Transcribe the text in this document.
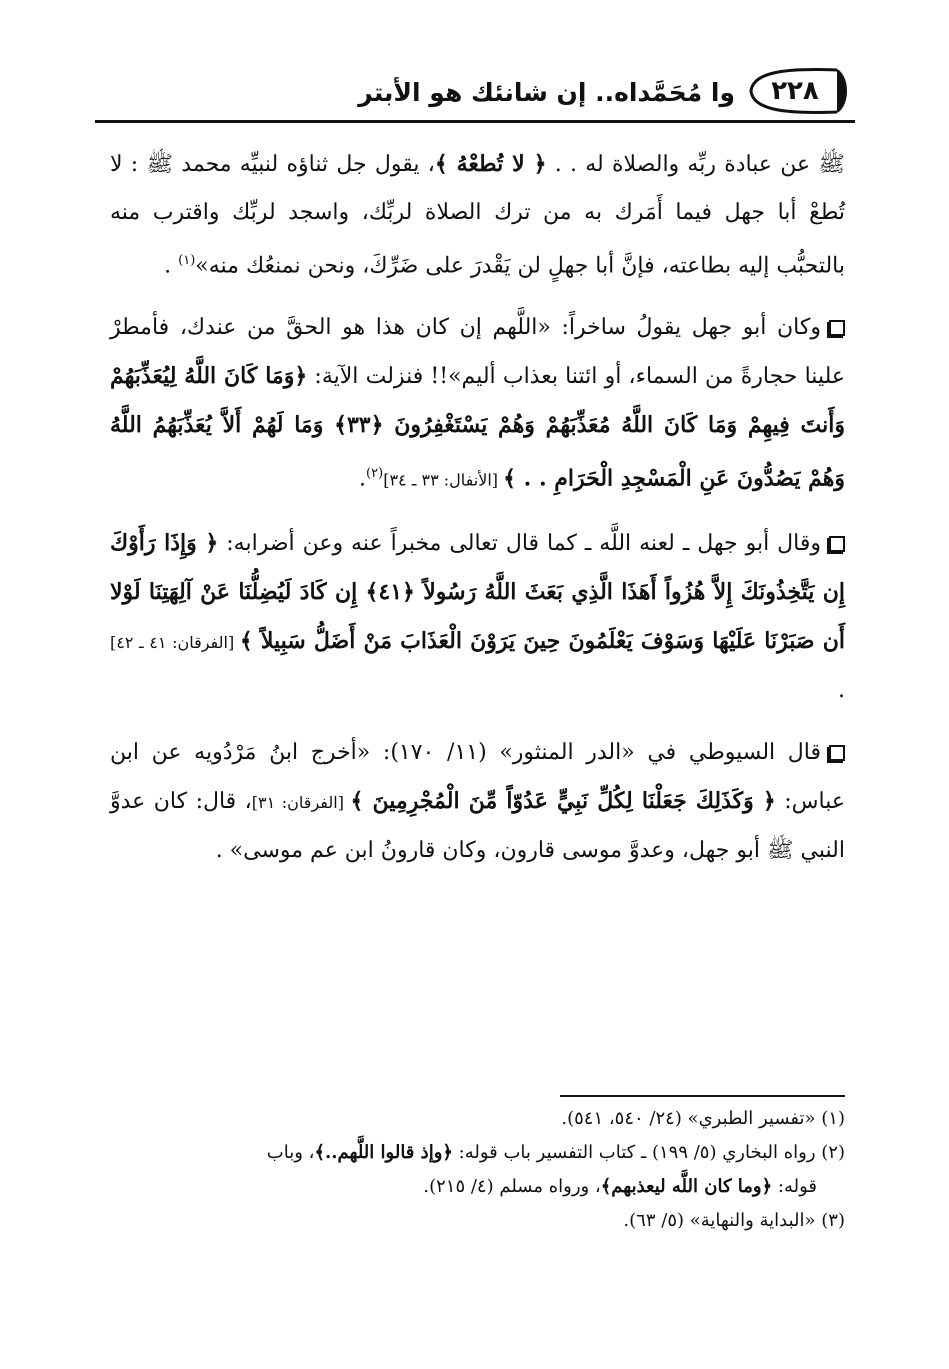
٢٢٨
وا مُحَمَّداه.. إن شانئك هو الأبتر

ﷺ عن عبادة ربِّه والصلاة له . . ﴿ لا تُطعْهُ ﴾، يقول جل ثناؤه لنبيِّه محمد ﷺ : لا تُطعْ أبا جهل فيما أَمَرك به من ترك الصلاة لربِّك، واسجد لربِّك واقترب منه بالتحبُّب إليه بطاعته، فإنَّ أبا جهلٍ لن يَقْدرَ على ضَرِّكَ، ونحن نمنعُك منه»$^{(١)}$ .

وكان أبو جهل يقولُ ساخراً: «اللَّهم إن كان هذا هو الحقَّ من عندك، فأمطرْ علينا حجارةً من السماء، أو ائتنا بعذاب أليم»!! فنزلت الآية: ﴿وَمَا كَانَ اللَّهُ لِيُعَذِّبَهُمْ وَأَنتَ فِيهِمْ وَمَا كَانَ اللَّهُ مُعَذِّبَهُمْ وَهُمْ يَسْتَغْفِرُونَ ﴿٣٣﴾ وَمَا لَهُمْ أَلاَّ يُعَذِّبَهُمُ اللَّهُ وَهُمْ يَصُدُّونَ عَنِ الْمَسْجِدِ الْحَرَامِ . . ﴾ [الأنفال: ٣٣ ـ ٣٤]$^{(٢)}$.

وقال أبو جهل ـ لعنه اللَّه ـ كما قال تعالى مخبراً عنه وعن أضرابه: ﴿ وَإِذَا رَأَوْكَ إِن يَتَّخِذُونَكَ إِلاَّ هُزُواً أَهَذَا الَّذِي بَعَثَ اللَّهُ رَسُولاً ﴿٤١﴾ إِن كَادَ لَيُضِلُّنَا عَنْ آلِهَتِنَا لَوْلا أَن صَبَرْنَا عَلَيْهَا وَسَوْفَ يَعْلَمُونَ حِينَ يَرَوْنَ الْعَذَابَ مَنْ أَضَلُّ سَبِيلاً ﴾ [الفرقان: ٤١ ـ ٤٢] .

قال السيوطي في «الدر المنثور» (١١/ ١٧٠): «أخرج ابنُ مَرْدُويه عن ابن عباس: ﴿ وَكَذَلِكَ جَعَلْنَا لِكُلِّ نَبِيٍّ عَدُوّاً مِّنَ الْمُجْرِمِينَ ﴾ [الفرقان: ٣١]، قال: كان عدوَّ النبي ﷺ أبو جهل، وعدوَّ موسى قارون، وكان قارونُ ابن عم موسى» .

(١) «تفسير الطبري» (٢٤/ ٥٤٠، ٥٤١).

(٢) رواه البخاري (٥/ ١٩٩) ـ كتاب التفسير باب قوله: ﴿وإذ قالوا اللَّهم..﴾، وباب

قوله: ﴿وما كان اللَّه ليعذبهم﴾، ورواه مسلم (٤/ ٢١٥).

(٣) «البداية والنهاية» (٥/ ٦٣).
